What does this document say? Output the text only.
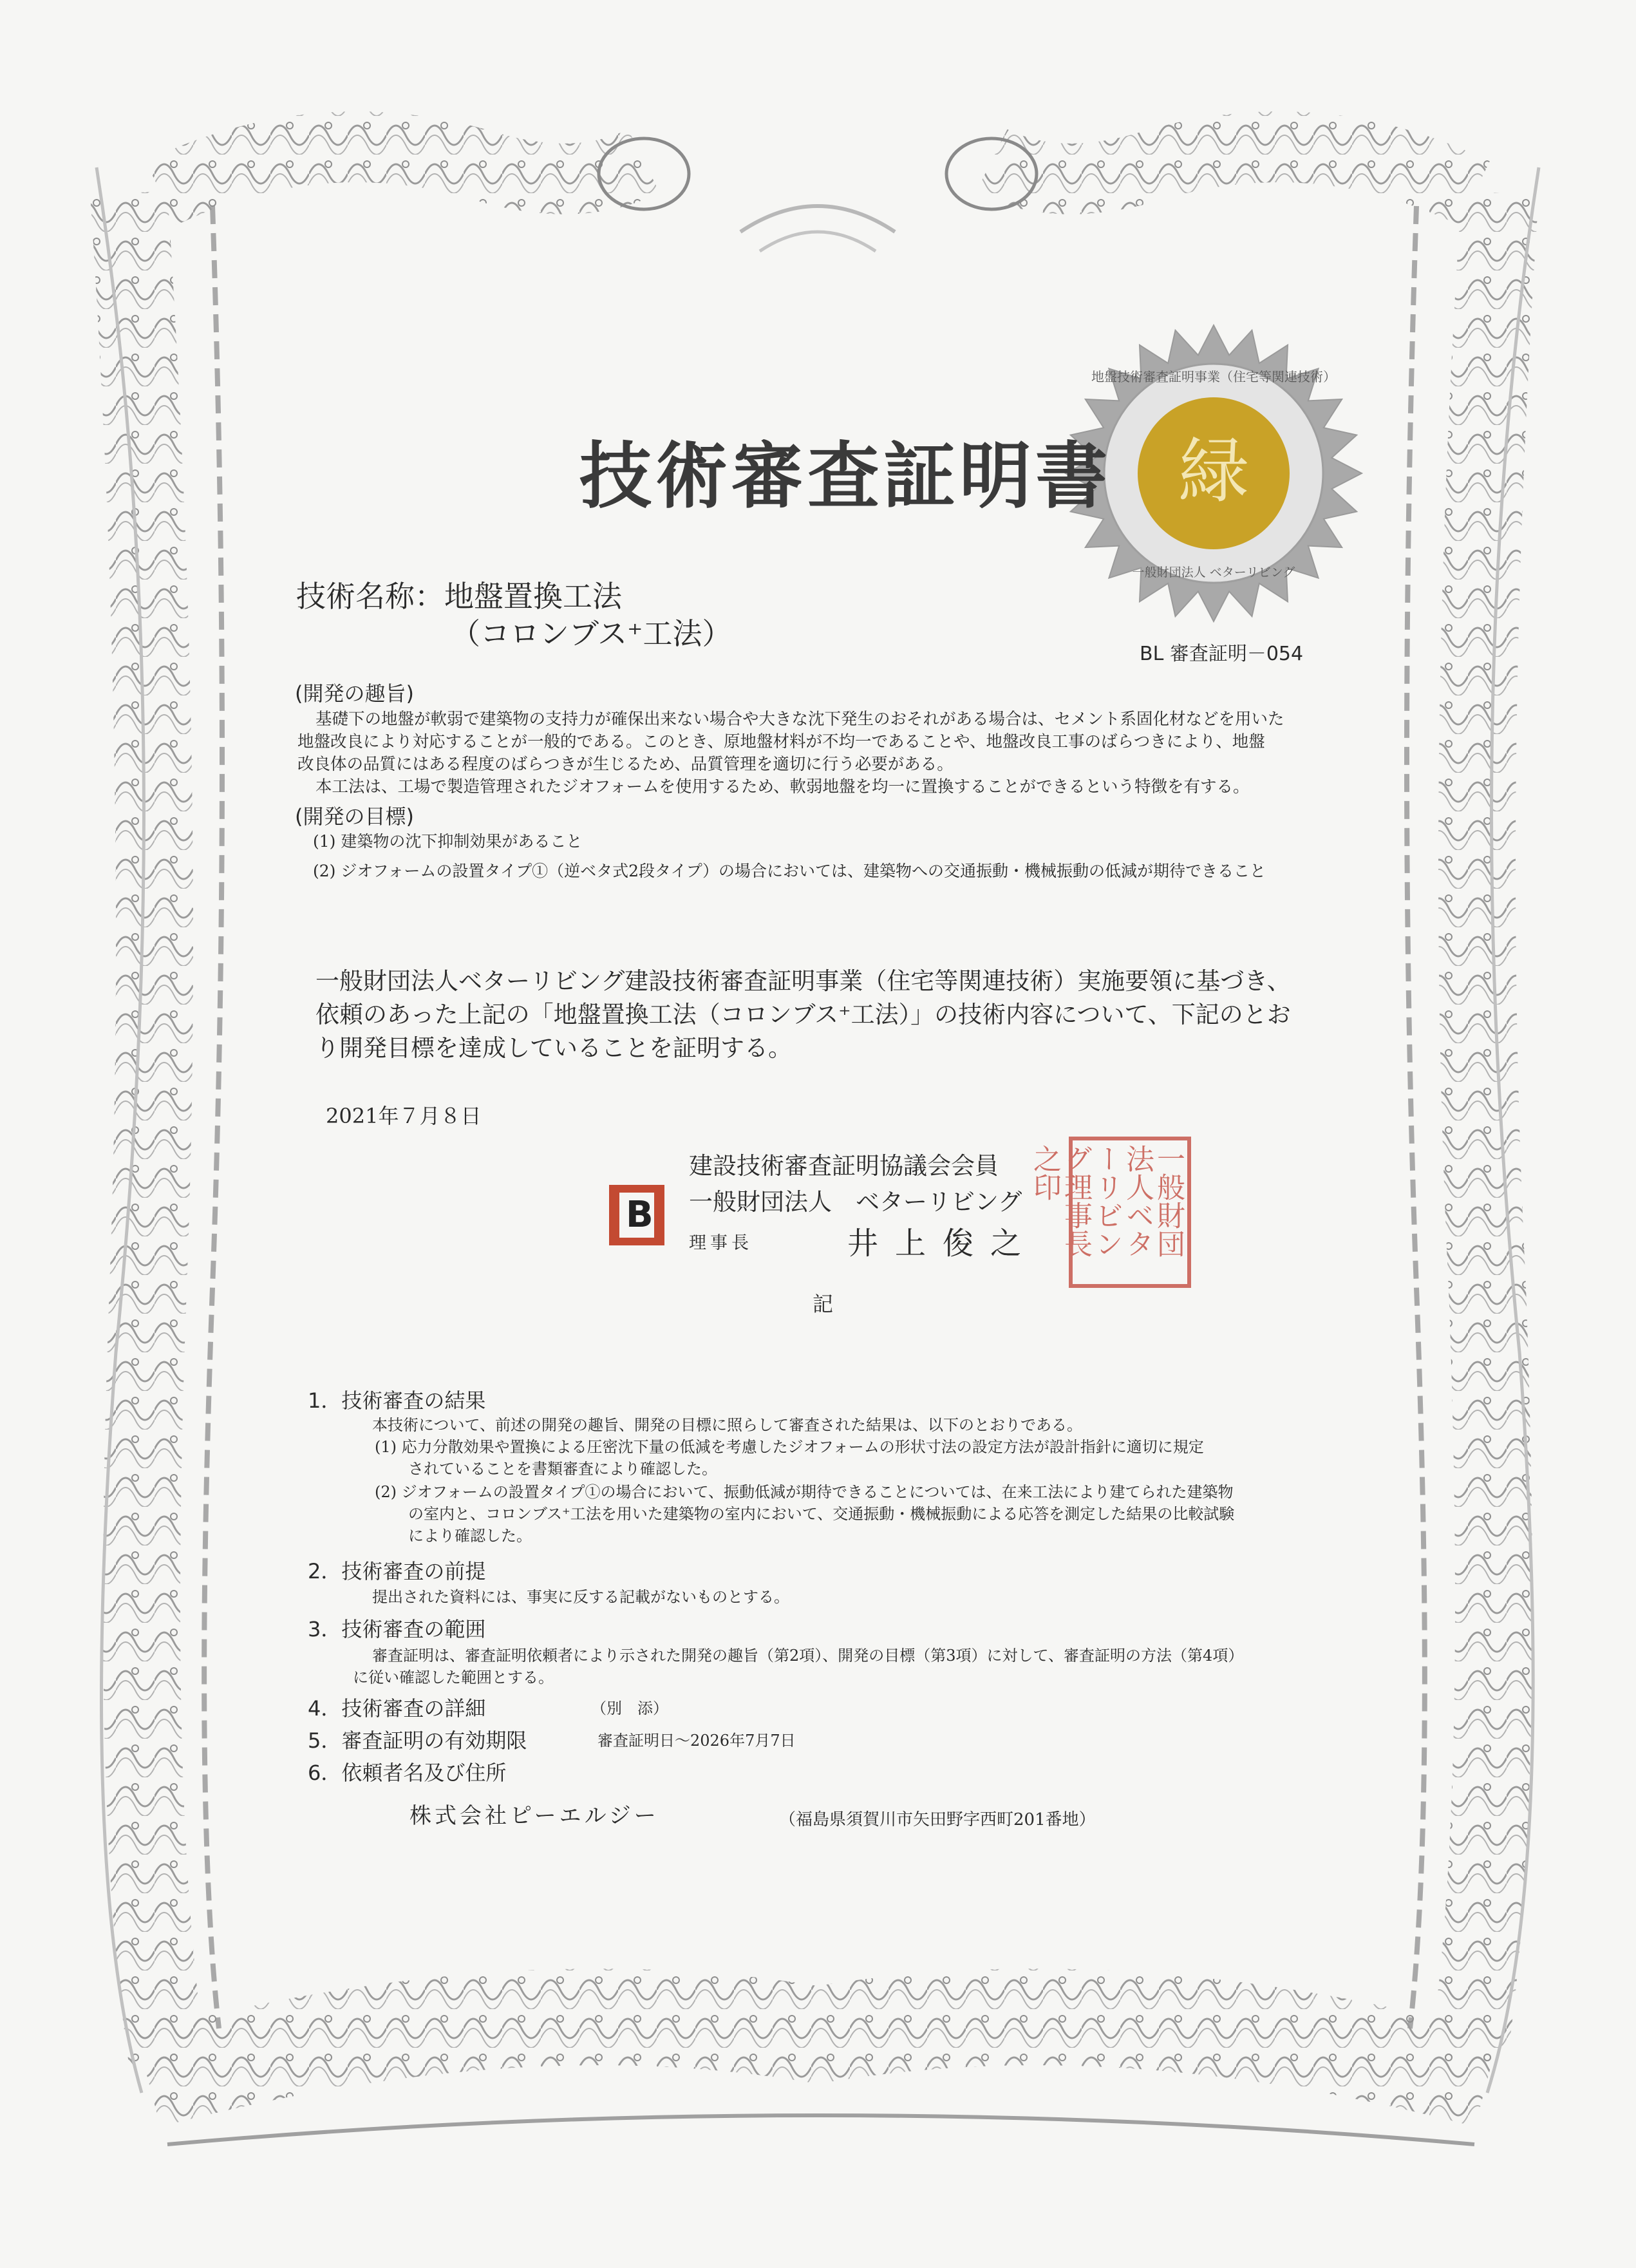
緑
地盤技術審査証明事業（住宅等関連技術）
一般財団法人 ベターリビング
技術審査証明書
技術名称：地盤置換工法
（コロンブス⁺工法）
BL 審査証明－054
(開発の趣旨)
基礎下の地盤が軟弱で建築物の支持力が確保出来ない場合や大きな沈下発生のおそれがある場合は、セメント系固化材などを用いた
地盤改良により対応することが一般的である。このとき、原地盤材料が不均一であることや、地盤改良工事のばらつきにより、地盤
改良体の品質にはある程度のばらつきが生じるため、品質管理を適切に行う必要がある。
本工法は、工場で製造管理されたジオフォームを使用するため、軟弱地盤を均一に置換することができるという特徴を有する。
(開発の目標)
(1) 建築物の沈下抑制効果があること
(2) ジオフォームの設置タイプ①（逆ベタ式2段タイプ）の場合においては、建築物への交通振動・機械振動の低減が期待できること
一般財団法人ベターリビング建設技術審査証明事業（住宅等関連技術）実施要領に基づき、
依頼のあった上記の「地盤置換工法（コロンブス⁺工法）」の技術内容について、下記のとお
り開発目標を達成していることを証明する。
2021年７月８日
建設技術審査証明協議会会員
B 一般財団法人　ベターリビング
理事長	井上俊之	一般財団法人ベターリビング理事長之印
記
1．技術審査の結果
本技術について、前述の開発の趣旨、開発の目標に照らして審査された結果は、以下のとおりである。
(1) 応力分散効果や置換による圧密沈下量の低減を考慮したジオフォームの形状寸法の設定方法が設計指針に適切に規定
されていることを書類審査により確認した。
(2) ジオフォームの設置タイプ①の場合において、振動低減が期待できることについては、在来工法により建てられた建築物
の室内と、コロンブス⁺工法を用いた建築物の室内において、交通振動・機械振動による応答を測定した結果の比較試験
により確認した。
2．技術審査の前提
提出された資料には、事実に反する記載がないものとする。
3．技術審査の範囲
審査証明は、審査証明依頼者により示された開発の趣旨（第2項）、開発の目標（第3項）に対して、審査証明の方法（第4項）
に従い確認した範囲とする。
4．技術審査の詳細	（別　添）
5．審査証明の有効期限	審査証明日～2026年7月7日
6．依頼者名及び住所
株式会社ピーエルジー	（福島県須賀川市矢田野字西町201番地）
